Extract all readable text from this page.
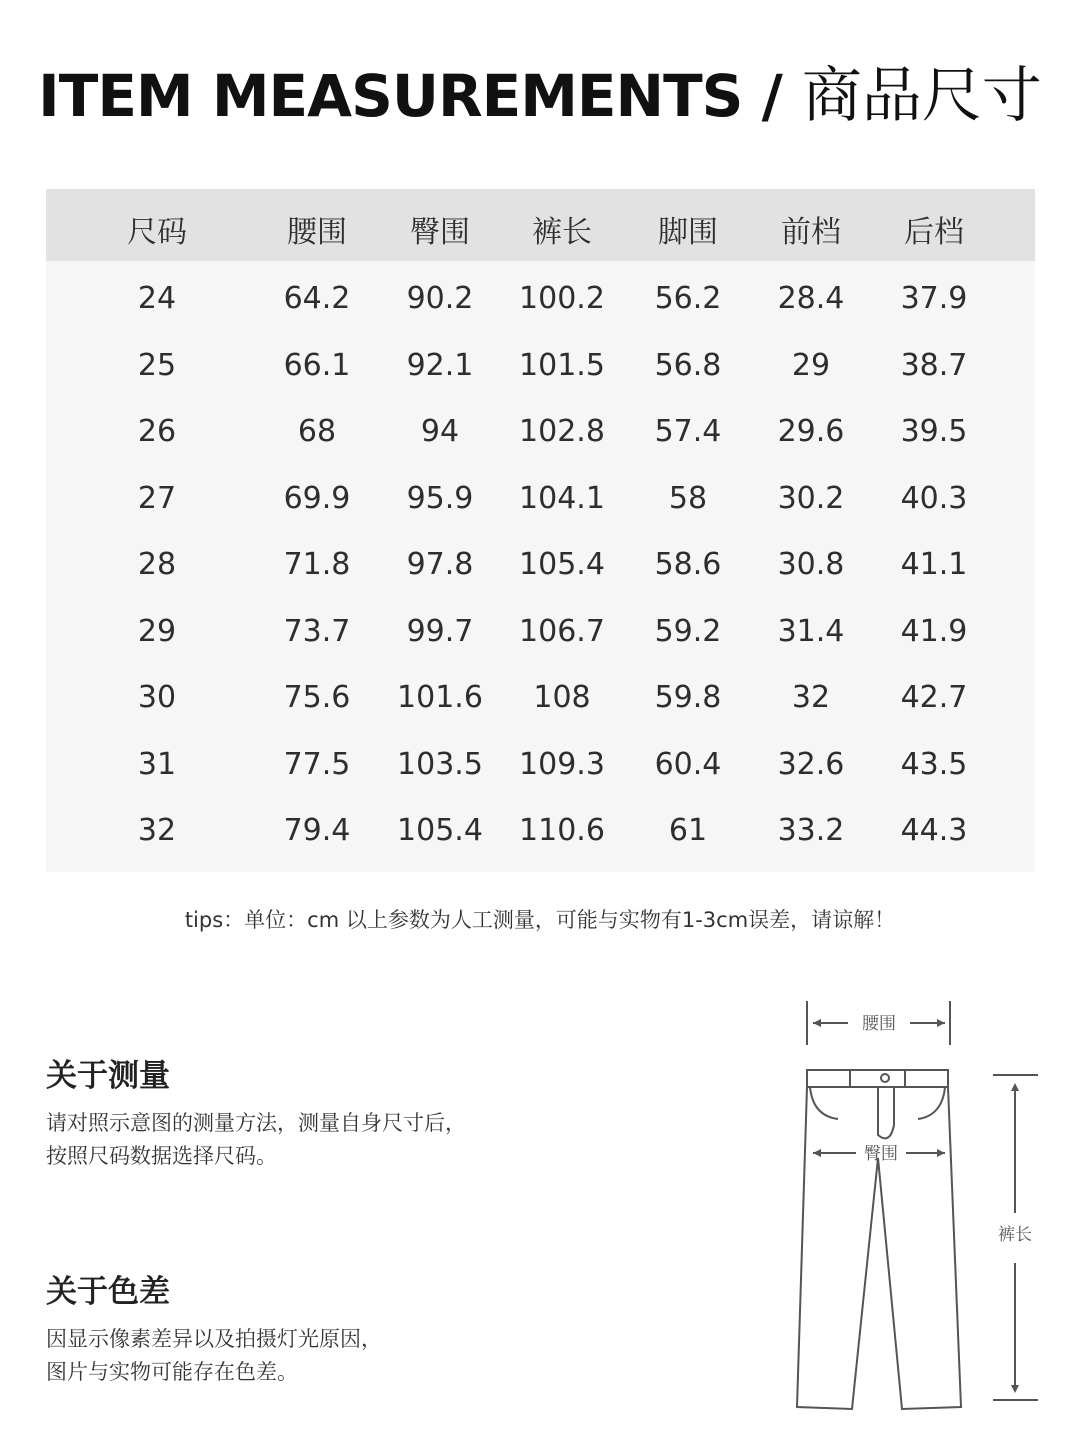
ITEM MEASUREMENTS / 商品尺寸
尺码	腰围	臀围	裤长	脚围	前档	后档
24	64.2	90.2	100.2	56.2	28.4	37.9
25	66.1	92.1	101.5	56.8	29	38.7
26	68	94	102.8	57.4	29.6	39.5
27	69.9	95.9	104.1	58	30.2	40.3
28	71.8	97.8	105.4	58.6	30.8	41.1
29	73.7	99.7	106.7	59.2	31.4	41.9
30	75.6	101.6	108	59.8	32	42.7
31	77.5	103.5	109.3	60.4	32.6	43.5
32	79.4	105.4	110.6	61	33.2	44.3
tips：单位：cm 以上参数为人工测量，可能与实物有1-3cm误差，请谅解！
关于测量
请对照示意图的测量方法，测量自身尺寸后，
按照尺码数据选择尺码。
关于色差
因显示像素差异以及拍摄灯光原因，
图片与实物可能存在色差。
腰围
臀围
裤长
